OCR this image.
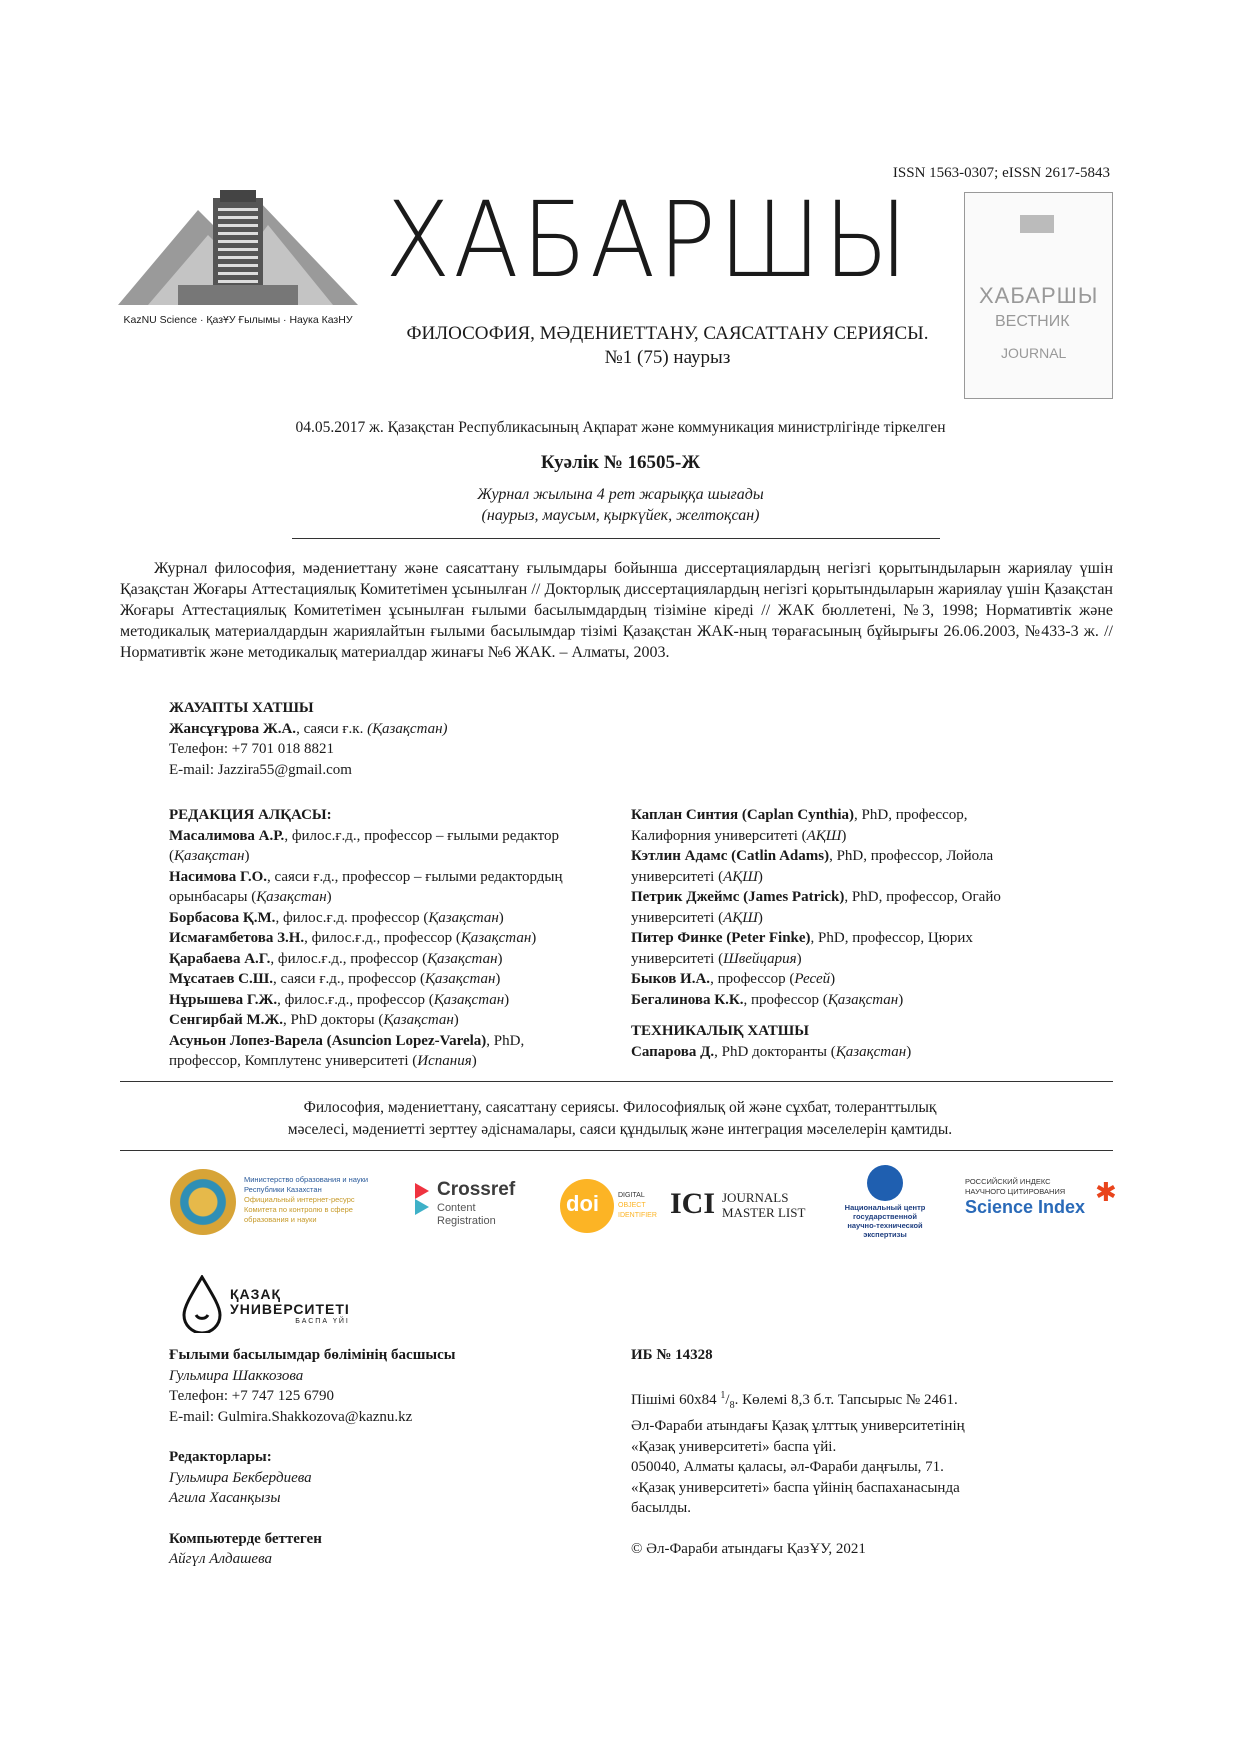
ISSN 1563-0307; eISSN 2617-5843
KazNU Science · ҚазҰУ Ғылымы · Наука КазНУ
ХАБАРШЫ
ФИЛОСОФИЯ, МӘДЕНИЕТТАНУ, САЯСАТТАНУ СЕРИЯСЫ.
№1 (75) наурыз
ХАБАРШЫ
ВЕСТНИК
JOURNAL
04.05.2017 ж. Қазақстан Республикасының Ақпарат және коммуникация министрлігінде тіркелген
Куәлік № 16505-Ж
Журнал жылына 4 рет жарыққа шығады
(наурыз, маусым, қыркүйек, желтоқсан)
Журнал философия, мәдениеттану және саясаттану ғылымдары бойынша диссертациялардың негізгі қорытындыларын жариялау үшін Қазақстан Жоғары Аттестациялық Комитетімен ұсынылған // Докторлық диссертациялардың негізгі қорытындыларын жариялау үшін Қазақстан Жоғары Аттестациялық Комитетімен ұсынылған ғылыми басылымдардың тізіміне кіреді // ЖАК бюллетені, №3, 1998; Нормативтік және методикалық материалдардын жариялайтын ғылыми басылымдар тізімі Қазақстан ЖАК-ның төрағасының бұйырығы 26.06.2003, №433-3 ж. // Нормативтік және методикалық материалдар жинағы №6 ЖАК. – Алматы, 2003.
ЖАУАПТЫ ХАТШЫ
Жансұғұрова Ж.А., саяси ғ.к. (Қазақстан)
Телефон: +7 701 018 8821
E-mail: Jazzira55@gmail.com
РЕДАКЦИЯ АЛҚАСЫ:
Масалимова А.Р., филос.ғ.д., профессор – ғылыми редактор (Қазақстан)
Насимова Г.О., саяси ғ.д., профессор – ғылыми редактордың орынбасары (Қазақстан)
Борбасова Қ.М., филос.ғ.д. профессор (Қазақстан)
Исмағамбетова З.Н., филос.ғ.д., профессор (Қазақстан)
Қарабаева А.Г., филос.ғ.д., профессор (Қазақстан)
Мұсатаев С.Ш., саяси ғ.д., профессор (Қазақстан)
Нұрышева Г.Ж., филос.ғ.д., профессор (Қазақстан)
Сенгирбай М.Ж., PhD докторы (Қазақстан)
Асуньон Лопез-Варела (Asuncion Lopez-Varela), PhD, профессор, Комплутенс университеті (Испания)
Каплан Синтия (Caplan Cynthia), PhD, профессор, Калифорния университеті (АҚШ)
Кэтлин Адамс (Catlin Adams), PhD, профессор, Лойола университеті (АҚШ)
Петрик Джеймс (James Patrick), PhD, профессор, Огайо университеті (АҚШ)
Питер Финке (Peter Finke), PhD, профессор, Цюрих университеті (Швейцария)
Быков И.А., профессор (Ресей)
Бегалинова К.К., профессор (Қазақстан)
ТЕХНИКАЛЫҚ ХАТШЫ
Сапарова Д., PhD докторанты (Қазақстан)
Философия, мәдениеттану, саясаттану сериясы. Философиялық ой және сұхбат, толеранттылық
мәселесі, мәдениетті зерттеу әдіснамалары, саяси құндылық және интеграция мәселелерін қамтиды.
Министерство образования и науки
Республики Казахстан
Официальный интернет-ресурс
Комитета по контролю в сфере
образования и науки
Crossref
Content
Registration
doi	DIGITAL
OBJECT
IDENTIFIER ICI JOURNALS
MASTER LIST	Национальный центр
государственной
научно-технической
экспертизы
РОССИЙСКИЙ ИНДЕКС
НАУЧНОГО ЦИТИРОВАНИЯ
Science Index ✱
ҚАЗАҚ
УНИВЕРСИТЕТІ
БАСПА ҮЙІ
Ғылыми басылымдар бөлімінің басшысы
Гульмира Шаккозова
Телефон: +7 747 125 6790
E-mail: Gulmira.Shakkozova@kaznu.kz
Редакторлары:
Гульмира Бекбердиева
Агила Хасанқызы
Компьютерде беттеген
Айгүл Алдашева
ИБ № 14328
Пішімі 60х84 $^1/_8$. Көлемі 8,3 б.т. Тапсырыс № 2461.
Әл-Фараби атындағы Қазақ ұлттық университетінің
«Қазақ университеті» баспа үйі.
050040, Алматы қаласы, әл-Фараби даңғылы, 71.
«Қазақ университеті» баспа үйінің баспаханасында
басылды.
© Әл-Фараби атындағы ҚазҰУ, 2021
